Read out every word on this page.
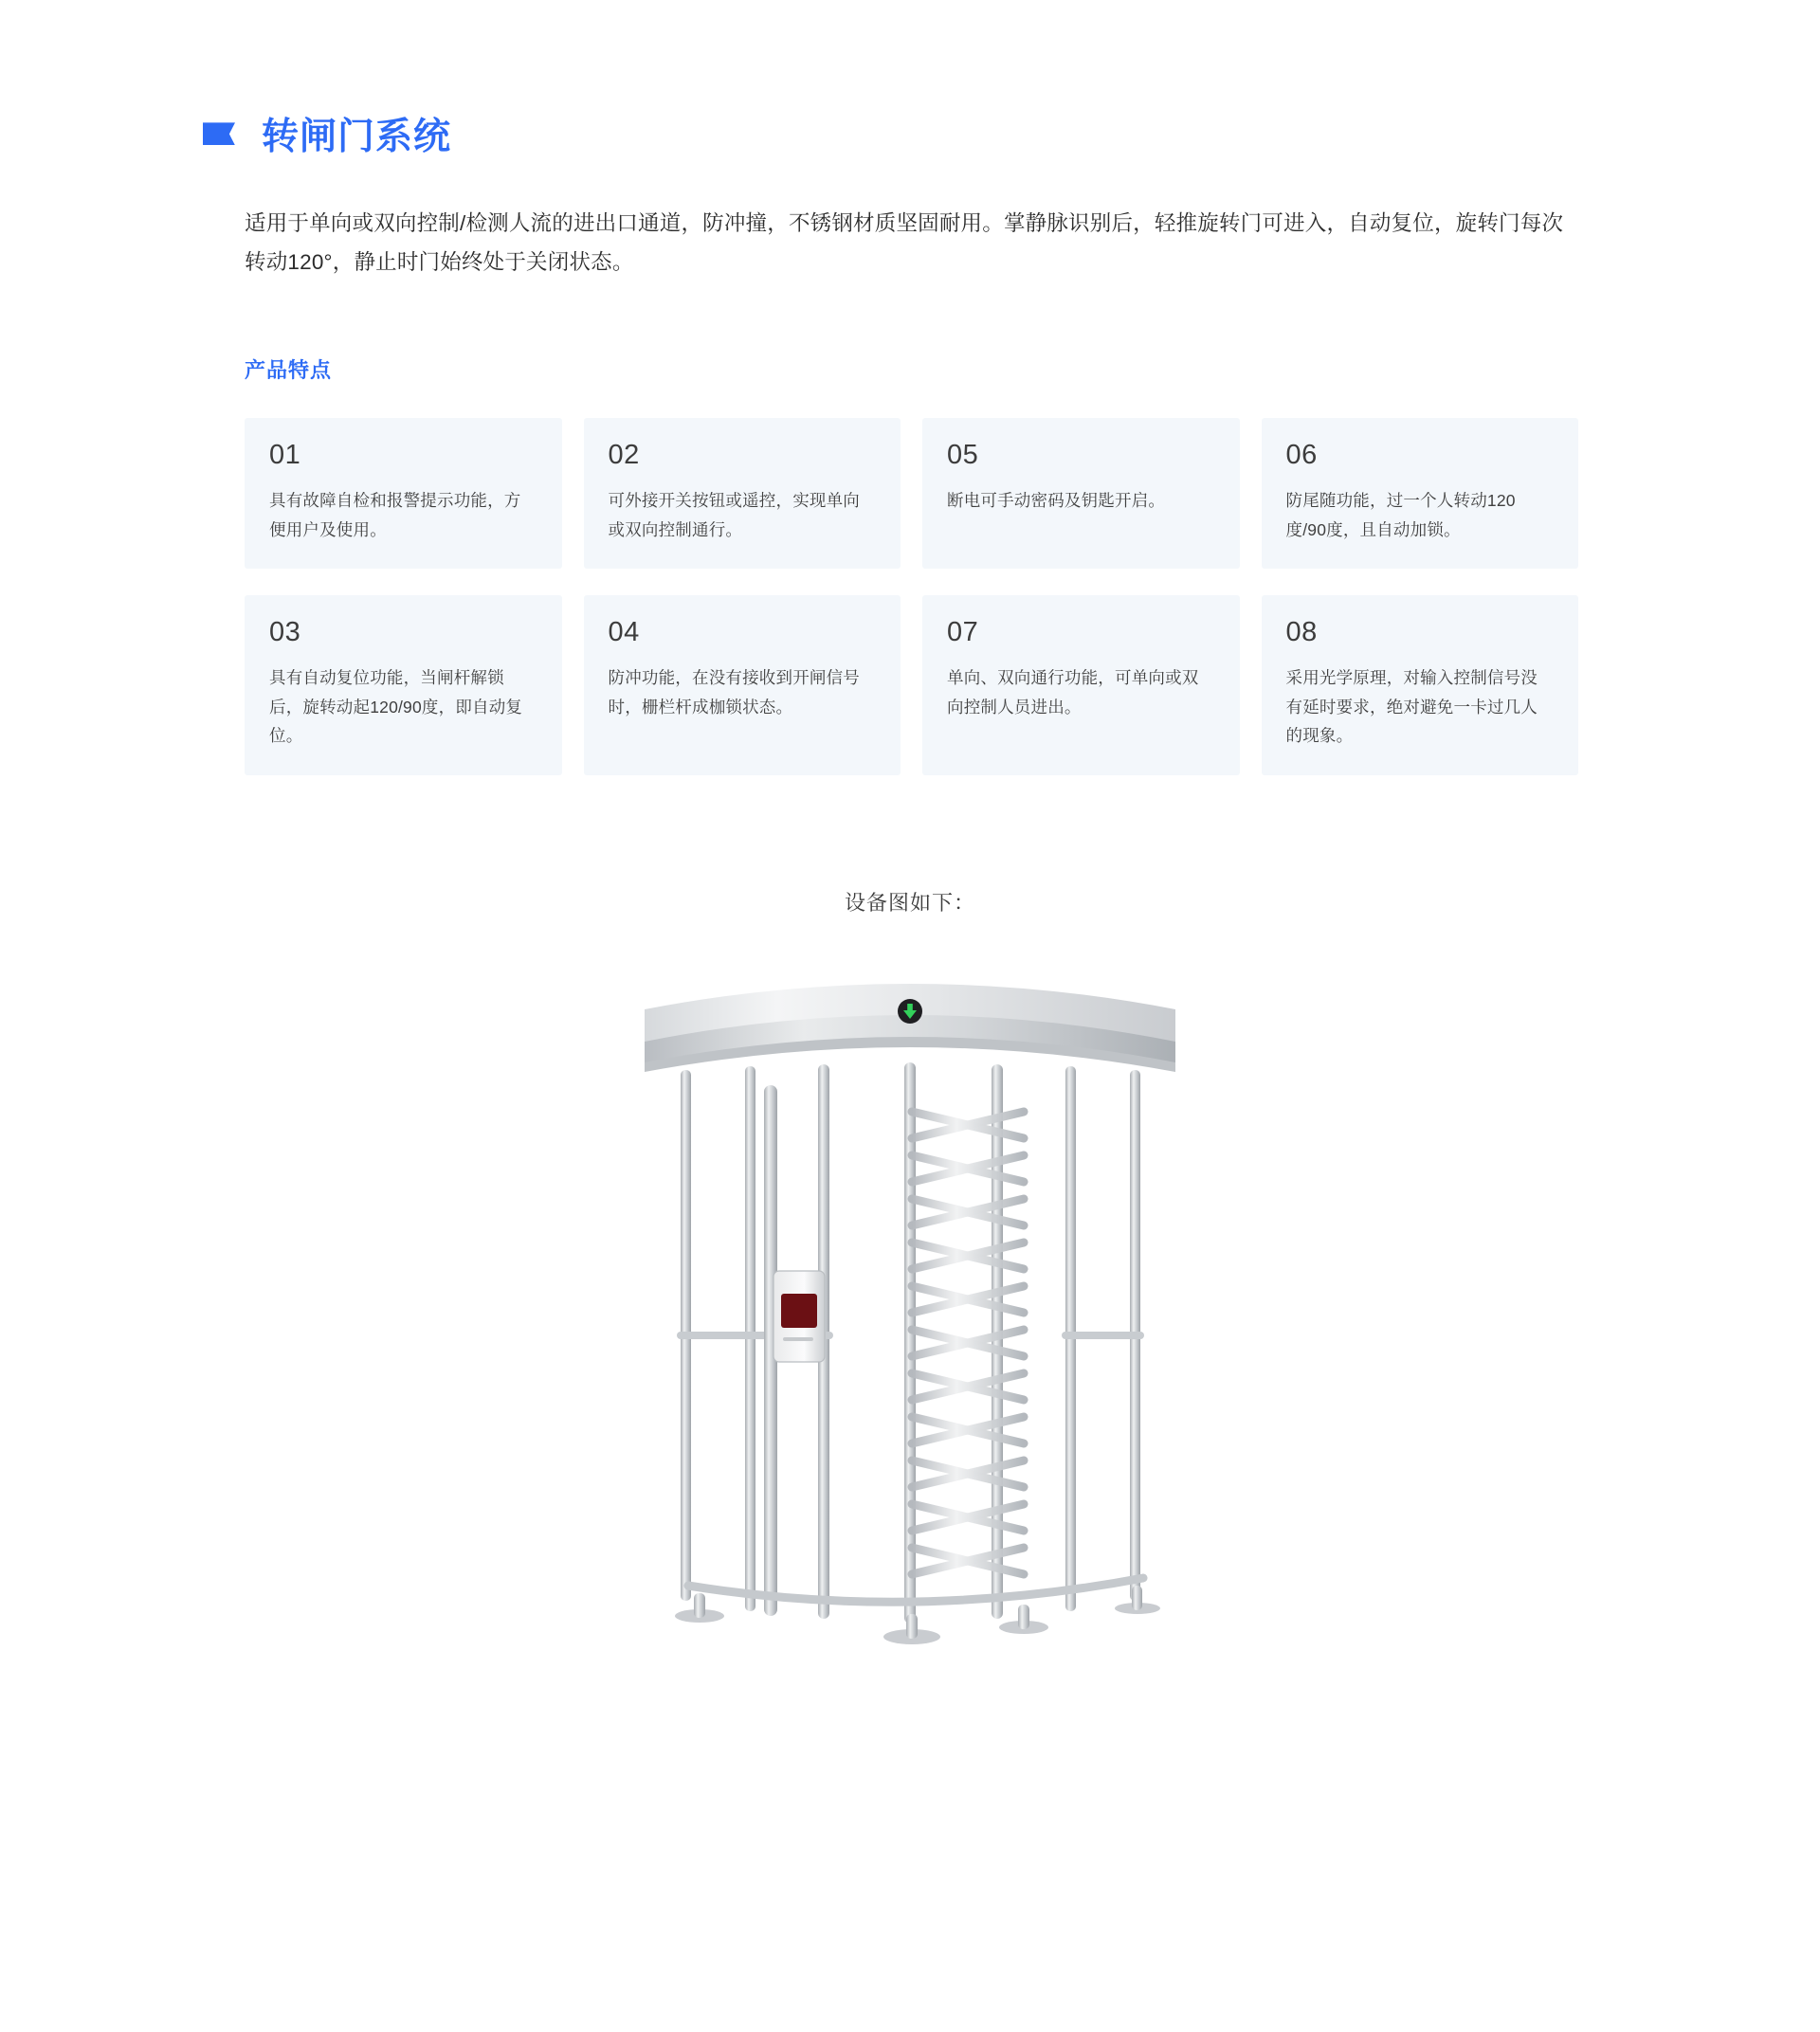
转闸门系统

适用于单向或双向控制/检测人流的进出口通道，防冲撞，不锈钢材质坚固耐用。掌静脉识别后，轻推旋转门可进入，自动复位，旋转门每次转动120°，静止时门始终处于关闭状态。

产品特点
01
具有故障自检和报警提示功能，方便用户及使用。
02
可外接开关按钮或遥控，实现单向或双向控制通行。
05
断电可手动密码及钥匙开启。
06
防尾随功能，过一个人转动120度/90度，且自动加锁。
03
具有自动复位功能，当闸杆解锁后，旋转动起120/90度，即自动复位。
04
防冲功能，在没有接收到开闸信号时，栅栏杆成枷锁状态。
07
单向、双向通行功能，可单向或双向控制人员进出。
08
采用光学原理，对输入控制信号没有延时要求，绝对避免一卡过几人的现象。
设备图如下：
